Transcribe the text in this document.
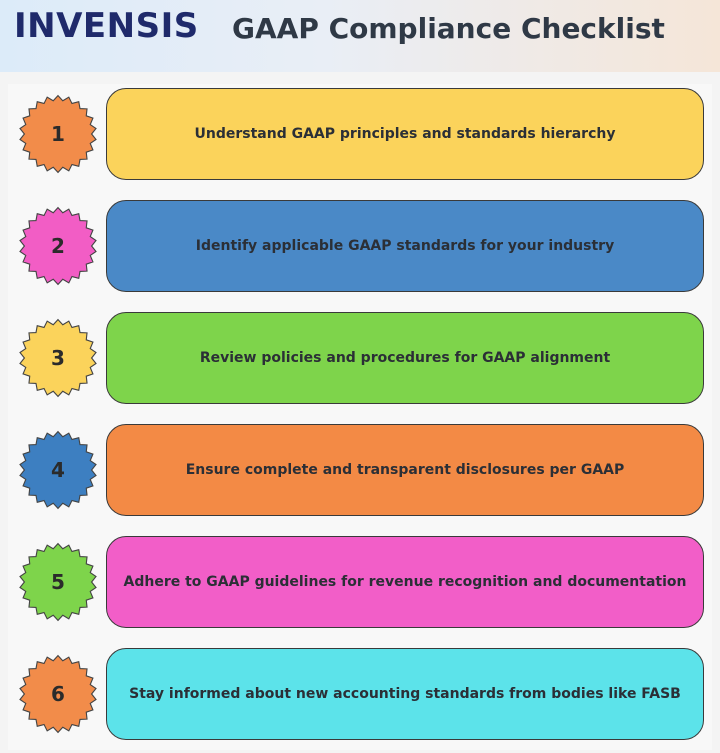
INVENSIS GAAP Compliance Checklist
1	Understand GAAP principles and standards hierarchy
2	Identify applicable GAAP standards for your industry
3	Review policies and procedures for GAAP alignment
4	Ensure complete and transparent disclosures per GAAP
5	Adhere to GAAP guidelines for revenue recognition and documentation
6	Stay informed about new accounting standards from bodies like FASB
